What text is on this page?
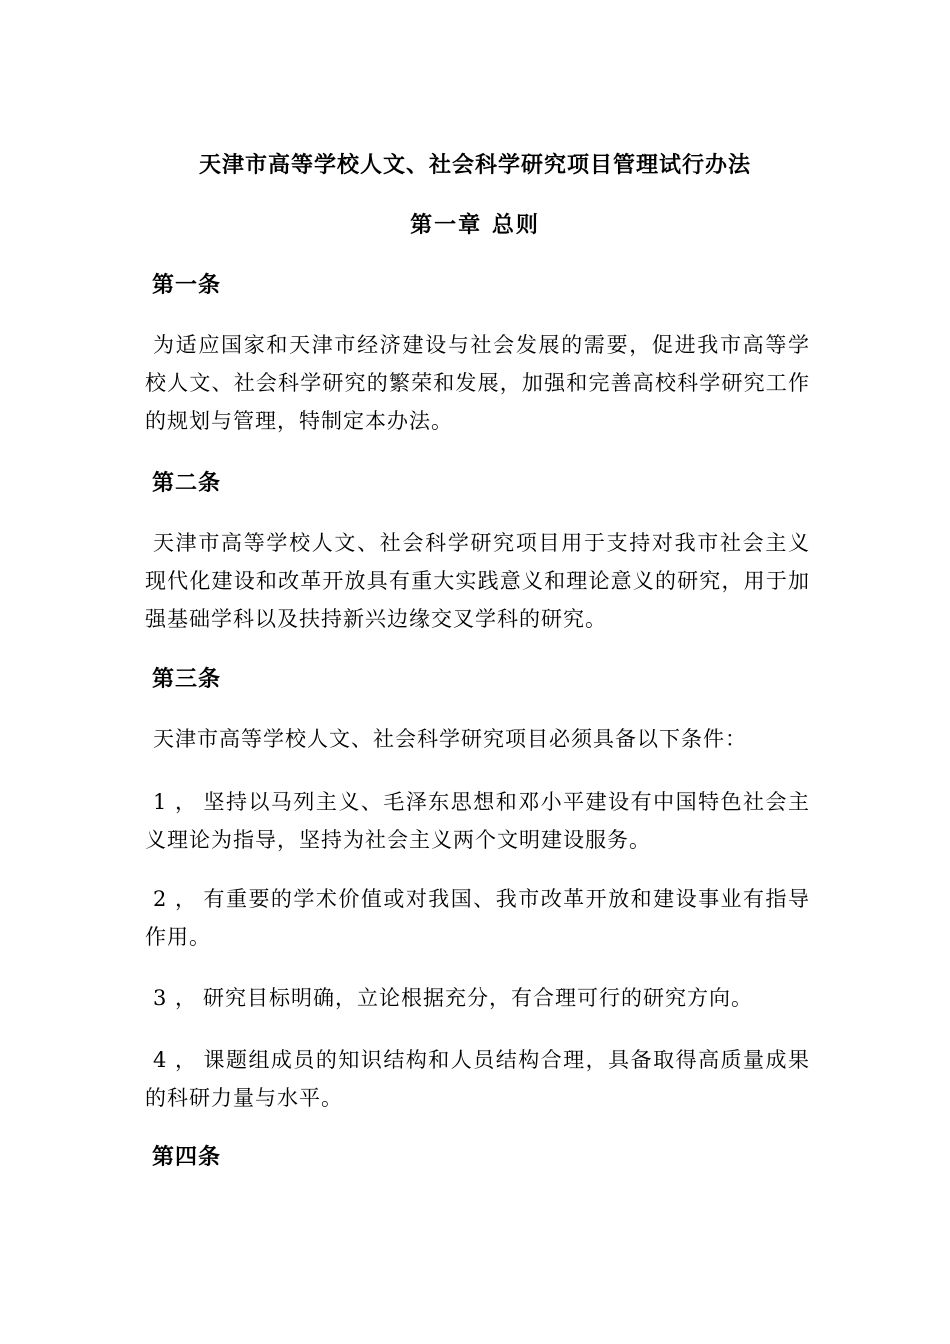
天津市高等学校人文、社会科学研究项目管理试行办法
第一章 总则
第一条

为适应国家和天津市经济建设与社会发展的需要，促进我市高等学校人文、社会科学研究的繁荣和发展，加强和完善高校科学研究工作的规划与管理，特制定本办法。

第二条

天津市高等学校人文、社会科学研究项目用于支持对我市社会主义现代化建设和改革开放具有重大实践意义和理论意义的研究，用于加强基础学科以及扶持新兴边缘交叉学科的研究。

第三条

天津市高等学校人文、社会科学研究项目必须具备以下条件：

1 ， 坚持以马列主义、毛泽东思想和邓小平建设有中国特色社会主义理论为指导，坚持为社会主义两个文明建设服务。

2 ， 有重要的学术价值或对我国、我市改革开放和建设事业有指导作用。

3 ， 研究目标明确，立论根据充分，有合理可行的研究方向。

4 ， 课题组成员的知识结构和人员结构合理，具备取得高质量成果的科研力量与水平。

第四条
